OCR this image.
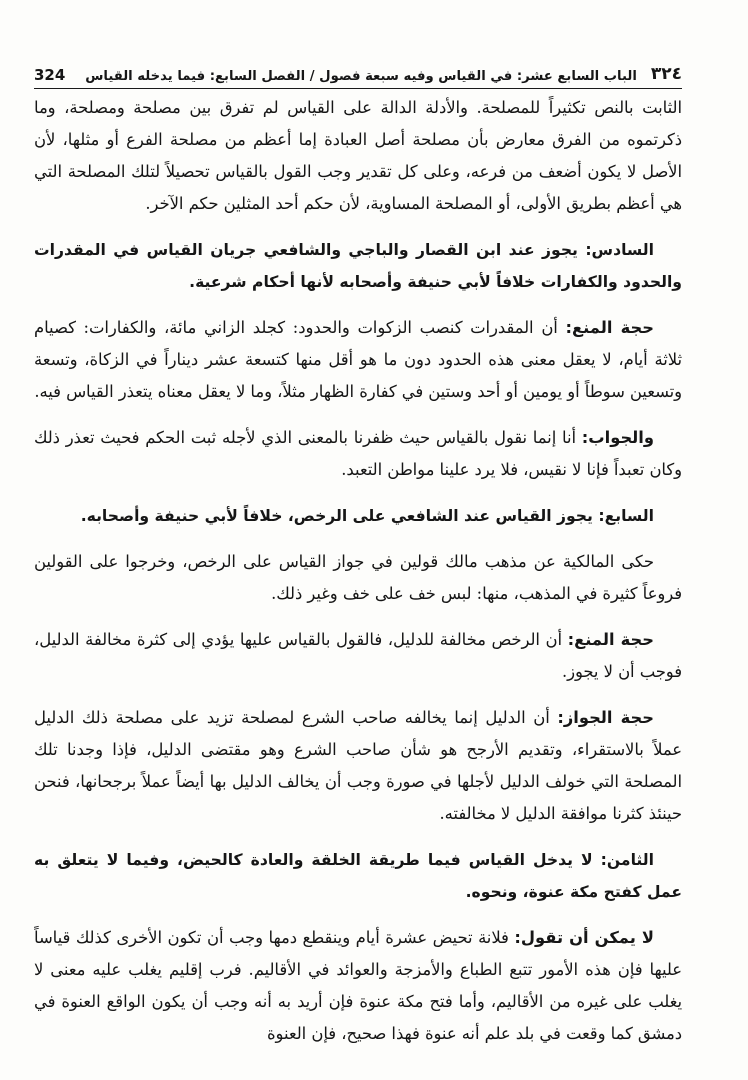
324	٣٢٤
الباب السابع عشر: في القياس وفيه سبعة فصول / الفصل السابع: فيما يدخله القياس

الثابت بالنص تكثيراً للمصلحة. والأدلة الدالة على القياس لم تفرق بين مصلحة ومصلحة، وما ذكرتموه من الفرق معارض بأن مصلحة أصل العبادة إما أعظم من مصلحة الفرع أو مثلها، لأن الأصل لا يكون أضعف من فرعه، وعلى كل تقدير وجب القول بالقياس تحصيلاً لتلك المصلحة التي هي أعظم بطريق الأولى، أو المصلحة المساوية، لأن حكم أحد المثلين حكم الآخر.

السادس: يجوز عند ابن القصار والباجي والشافعي جريان القياس في المقدرات والحدود والكفارات خلافاً لأبي حنيفة وأصحابه لأنها أحكام شرعية.

حجة المنع: أن المقدرات كنصب الزكوات والحدود: كجلد الزاني مائة، والكفارات: كصيام ثلاثة أيام، لا يعقل معنى هذه الحدود دون ما هو أقل منها كتسعة عشر ديناراً في الزكاة، وتسعة وتسعين سوطاً أو يومين أو أحد وستين في كفارة الظهار مثلاً، وما لا يعقل معناه يتعذر القياس فيه.

والجواب: أنا إنما نقول بالقياس حيث ظفرنا بالمعنى الذي لأجله ثبت الحكم فحيث تعذر ذلك وكان تعبداً فإنا لا نقيس، فلا يرد علينا مواطن التعبد.

السابع: يجوز القياس عند الشافعي على الرخص، خلافاً لأبي حنيفة وأصحابه.

حكى المالكية عن مذهب مالك قولين في جواز القياس على الرخص، وخرجوا على القولين فروعاً كثيرة في المذهب، منها: لبس خف على خف وغير ذلك.

حجة المنع: أن الرخص مخالفة للدليل، فالقول بالقياس عليها يؤدي إلى كثرة مخالفة الدليل، فوجب أن لا يجوز.

حجة الجواز: أن الدليل إنما يخالفه صاحب الشرع لمصلحة تزيد على مصلحة ذلك الدليل عملاً بالاستقراء، وتقديم الأرجح هو شأن صاحب الشرع وهو مقتضى الدليل، فإذا وجدنا تلك المصلحة التي خولف الدليل لأجلها في صورة وجب أن يخالف الدليل بها أيضاً عملاً برجحانها، فنحن حينئذ كثرنا موافقة الدليل لا مخالفته.

الثامن: لا يدخل القياس فيما طريقة الخلقة والعادة كالحيض، وفيما لا يتعلق به عمل كفتح مكة عنوة، ونحوه.

لا يمكن أن تقول: فلانة تحيض عشرة أيام وينقطع دمها وجب أن تكون الأخرى كذلك قياساً عليها فإن هذه الأمور تتبع الطباع والأمزجة والعوائد في الأقاليم. فرب إقليم يغلب عليه معنى لا يغلب على غيره من الأقاليم، وأما فتح مكة عنوة فإن أريد به أنه وجب أن يكون الواقع العنوة في دمشق كما وقعت في بلد علم أنه عنوة فهذا صحيح، فإن العنوة
